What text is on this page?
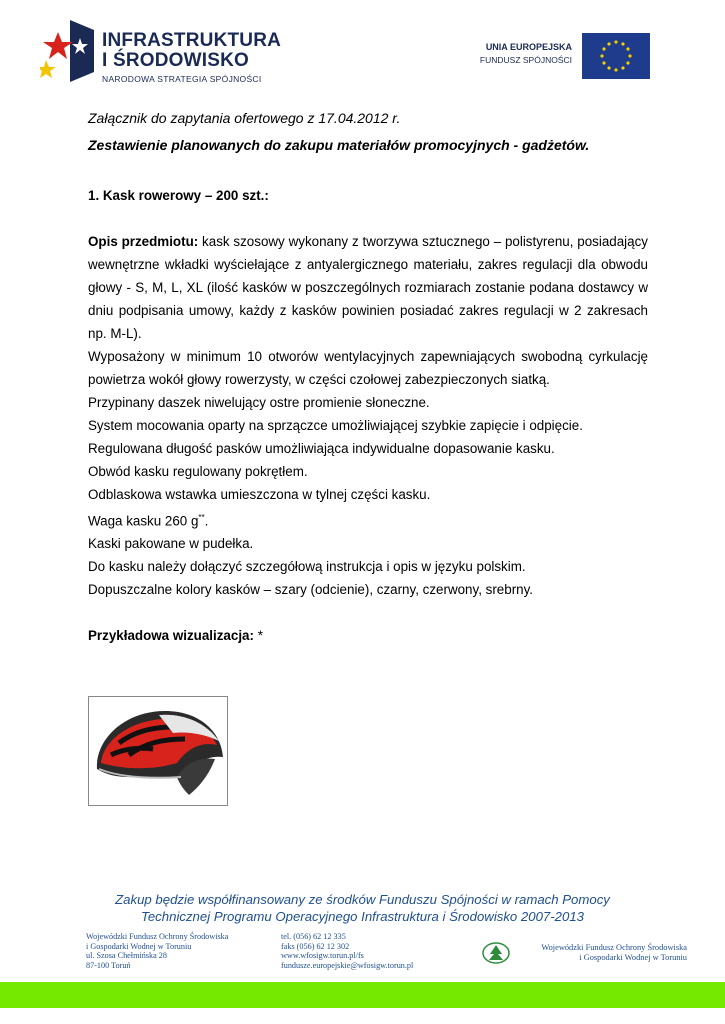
INFRASTRUKTURA
I ŚRODOWISKO
NARODOWA STRATEGIA SPÓJNOŚCI
UNIA EUROPEJSKA
FUNDUSZ SPÓJNOŚCI
Załącznik do zapytania ofertowego z 17.04.2012 r.
Zestawienie planowanych do zakupu materiałów promocyjnych - gadżetów.
1. Kask rowerowy – 200 szt.:
Opis przedmiotu: kask szosowy wykonany z tworzywa sztucznego – polistyrenu, posiadający wewnętrzne wkładki wyściełające z antyalergicznego materiału, zakres regulacji dla obwodu głowy - S, M, L, XL (ilość kasków w poszczególnych rozmiarach zostanie podana dostawcy w dniu podpisania umowy, każdy z kasków powinien posiadać zakres regulacji w 2 zakresach np. M-L).
Wyposażony w minimum 10 otworów wentylacyjnych zapewniających swobodną cyrkulację powietrza wokół głowy rowerzysty, w części czołowej zabezpieczonych siatką.
Przypinany daszek niwelujący ostre promienie słoneczne.
System mocowania oparty na sprzączce umożliwiającej szybkie zapięcie i odpięcie.
Regulowana długość pasków umożliwiająca indywidualne dopasowanie kasku.
Obwód kasku regulowany pokrętłem.
Odblaskowa wstawka umieszczona w tylnej części kasku.
Waga kasku 260 g**.
Kaski pakowane w pudełka.
Do kasku należy dołączyć szczegółową instrukcja i opis w języku polskim.
Dopuszczalne kolory kasków – szary (odcienie), czarny, czerwony, srebrny.
Przykładowa wizualizacja: *
Zakup będzie współfinansowany ze środków Funduszu Spójności w ramach Pomocy
Technicznej Programu Operacyjnego Infrastruktura i Środowisko 2007-2013
Wojewódzki Fundusz Ochrony Środowiska
i Gospodarki Wodnej w Toruniu
ul. Szosa Chełmińska 28
87-100 Toruń
tel. (056) 62 12 335
faks (056) 62 12 302
www.wfosigw.torun.pl/fs
fundusze.europejskie@wfosigw.torun.pl
Wojewódzki Fundusz Ochrony Środowiska
i Gospodarki Wodnej w Toruniu
